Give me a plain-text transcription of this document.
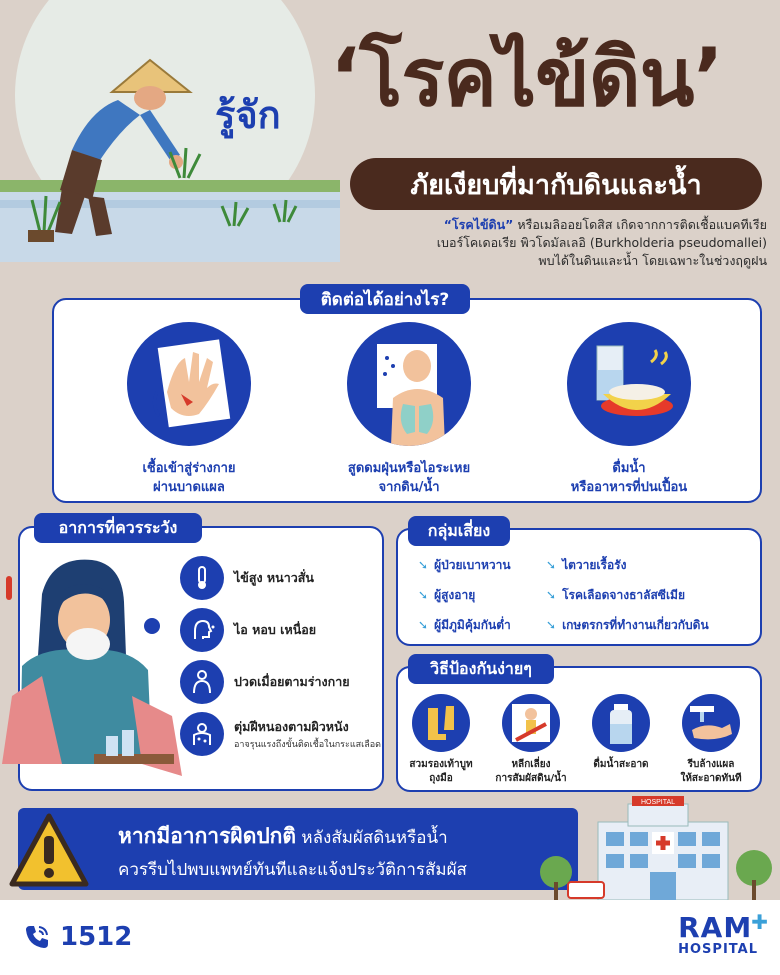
รู้จัก ‘โรคไข้ดิน’
ภัยเงียบที่มากับดินและน้ำ
“โรคไข้ดิน” หรือเมลิออยโดสิส เกิดจากการติดเชื้อแบคทีเรีย
เบอร์โคเดอเรีย พิวโดมัลเลอิ (Burkholderia pseudomallei)
พบได้ในดินและน้ำ โดยเฉพาะในช่วงฤดูฝน
ติดต่อได้อย่างไร?
เชื้อเข้าสู่ร่างกาย
ผ่านบาดแผล
สูดดมฝุ่นหรือไอระเหย
จากดิน/น้ำ
ดื่มน้ำ
หรืออาหารที่ปนเปื้อน
อาการที่ควรระวัง
ไข้สูง หนาวสั่น
ไอ หอบ เหนื่อย
ปวดเมื่อยตามร่างกาย
ตุ่มฝีหนองตามผิวหนัง
อาจรุนแรงถึงขั้นติดเชื้อในกระแสเลือด
กลุ่มเสี่ยง
➘ ผู้ป่วยเบาหวาน
➘ ผู้สูงอายุ
➘ ผู้มีภูมิคุ้มกันต่ำ
➘ ไตวายเรื้อรัง
➘ โรคเลือดจางธาลัสซีเมีย
➘ เกษตรกรที่ทำงานเกี่ยวกับดิน
วิธีป้องกันง่ายๆ
สวมรองเท้าบูท
ถุงมือ
หลีกเลี่ยง
การสัมผัสดิน/น้ำ
ดื่มน้ำสะอาด	รีบล้างแผล
ให้สะอาดทันที
หากมีอาการผิดปกติ หลังสัมผัสดินหรือน้ำ
ควรรีบไปพบแพทย์ทันทีและแจ้งประวัติการสัมผัส
HOSPITAL
1512	RAM
HOSPITAL
✚
